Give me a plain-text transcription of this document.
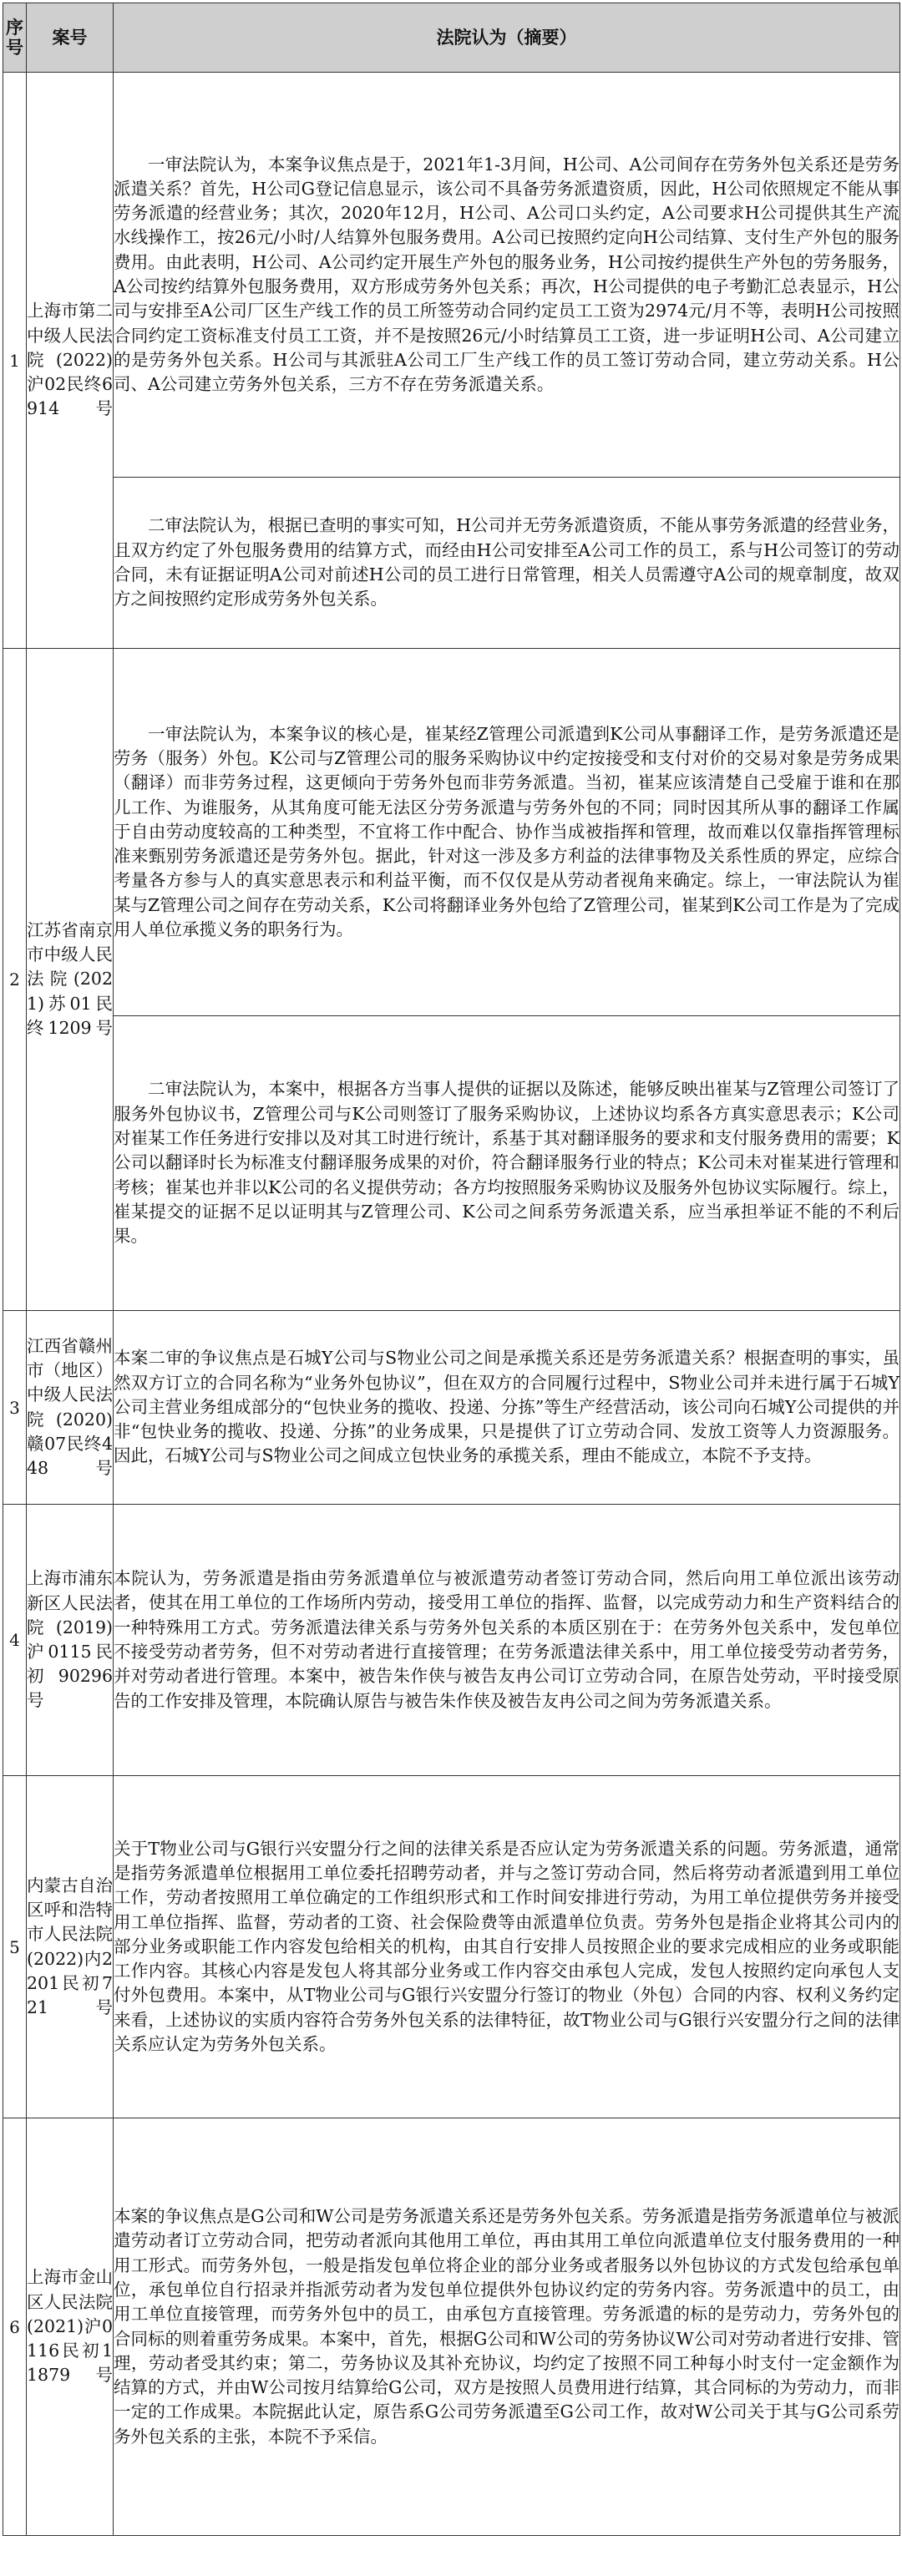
序号	案号	法院认为（摘要）
1	上海市第二中级人民法院(2022)沪02民终6914号	一审法院认为，本案争议焦点是于，2021年1-3月间，H公司、A公司间存在劳务外包关系还是劳务派遣关系？首先，H公司G登记信息显示，该公司不具备劳务派遣资质，因此，H公司依照规定不能从事劳务派遣的经营业务；其次，2020年12月，H公司、A公司口头约定，A公司要求H公司提供其生产流水线操作工，按26元/小时/人结算外包服务费用。A公司已按照约定向H公司结算、支付生产外包的服务费用。由此表明，H公司、A公司约定开展生产外包的服务业务，H公司按约提供生产外包的劳务服务，A公司按约结算外包服务费用，双方形成劳务外包关系；再次，H公司提供的电子考勤汇总表显示，H公司与安排至A公司厂区生产线工作的员工所签劳动合同约定员工工资为2974元/月不等，表明H公司按照合同约定工资标准支付员工工资，并不是按照26元/小时结算员工工资，进一步证明H公司、A公司建立的是劳务外包关系。H公司与其派驻A公司工厂生产线工作的员工签订劳动合同，建立劳动关系。H公司、A公司建立劳务外包关系，三方不存在劳务派遣关系。

		二审法院认为，根据已查明的事实可知，H公司并无劳务派遣资质，不能从事劳务派遣的经营业务，且双方约定了外包服务费用的结算方式，而经由H公司安排至A公司工作的员工，系与H公司签订的劳动合同，未有证据证明A公司对前述H公司的员工进行日常管理，相关人员需遵守A公司的规章制度，故双方之间按照约定形成劳务外包关系。

2	江苏省南京市中级人民法院(2021)苏01民终1209号	一审法院认为，本案争议的核心是，崔某经Z管理公司派遣到K公司从事翻译工作，是劳务派遣还是劳务（服务）外包。K公司与Z管理公司的服务采购协议中约定按接受和支付对价的交易对象是劳务成果（翻译）而非劳务过程，这更倾向于劳务外包而非劳务派遣。当初，崔某应该清楚自己受雇于谁和在那儿工作、为谁服务，从其角度可能无法区分劳务派遣与劳务外包的不同；同时因其所从事的翻译工作属于自由劳动度较高的工种类型，不宜将工作中配合、协作当成被指挥和管理，故而难以仅靠指挥管理标准来甄别劳务派遣还是劳务外包。据此，针对这一涉及多方利益的法律事物及关系性质的界定，应综合考量各方参与人的真实意思表示和利益平衡，而不仅仅是从劳动者视角来确定。综上，一审法院认为崔某与Z管理公司之间存在劳动关系，K公司将翻译业务外包给了Z管理公司，崔某到K公司工作是为了完成用人单位承揽义务的职务行为。

		二审法院认为，本案中，根据各方当事人提供的证据以及陈述，能够反映出崔某与Z管理公司签订了服务外包协议书，Z管理公司与K公司则签订了服务采购协议，上述协议均系各方真实意思表示；K公司对崔某工作任务进行安排以及对其工时进行统计，系基于其对翻译服务的要求和支付服务费用的需要；K公司以翻译时长为标准支付翻译服务成果的对价，符合翻译服务行业的特点；K公司未对崔某进行管理和考核；崔某也并非以K公司的名义提供劳动；各方均按照服务采购协议及服务外包协议实际履行。综上，崔某提交的证据不足以证明其与Z管理公司、K公司之间系劳务派遣关系，应当承担举证不能的不利后果。

3	江西省赣州市（地区）中级人民法院(2020)赣07民终448号	本案二审的争议焦点是石城Y公司与S物业公司之间是承揽关系还是劳务派遣关系？根据查明的事实，虽然双方订立的合同名称为“业务外包协议”，但在双方的合同履行过程中，S物业公司并未进行属于石城Y公司主营业务组成部分的“包快业务的揽收、投递、分拣”等生产经营活动，该公司向石城Y公司提供的并非“包快业务的揽收、投递、分拣”的业务成果，只是提供了订立劳动合同、发放工资等人力资源服务。因此，石城Y公司与S物业公司之间成立包快业务的承揽关系，理由不能成立，本院不予支持。

4	上海市浦东新区人民法院(2019)沪0115民初90296号	本院认为，劳务派遣是指由劳务派遣单位与被派遣劳动者签订劳动合同，然后向用工单位派出该劳动者，使其在用工单位的工作场所内劳动，接受用工单位的指挥、监督，以完成劳动力和生产资料结合的一种特殊用工方式。劳务派遣法律关系与劳务外包关系的本质区别在于：在劳务外包关系中，发包单位不接受劳动者劳务，但不对劳动者进行直接管理；在劳务派遣法律关系中，用工单位接受劳动者劳务，并对劳动者进行管理。本案中，被告朱作侠与被告友冉公司订立劳动合同，在原告处劳动，平时接受原告的工作安排及管理，本院确认原告与被告朱作侠及被告友冉公司之间为劳务派遣关系。

5	内蒙古自治区呼和浩特市人民法院(2022)内2201民初721号	关于T物业公司与G银行兴安盟分行之间的法律关系是否应认定为劳务派遣关系的问题。劳务派遣，通常是指劳务派遣单位根据用工单位委托招聘劳动者，并与之签订劳动合同，然后将劳动者派遣到用工单位工作，劳动者按照用工单位确定的工作组织形式和工作时间安排进行劳动，为用工单位提供劳务并接受用工单位指挥、监督，劳动者的工资、社会保险费等由派遣单位负责。劳务外包是指企业将其公司内的部分业务或职能工作内容发包给相关的机构，由其自行安排人员按照企业的要求完成相应的业务或职能工作内容。其核心内容是发包人将其部分业务或工作内容交由承包人完成，发包人按照约定向承包人支付外包费用。本案中，从T物业公司与G银行兴安盟分行签订的物业（外包）合同的内容、权利义务约定来看，上述协议的实质内容符合劳务外包关系的法律特征，故T物业公司与G银行兴安盟分行之间的法律关系应认定为劳务外包关系。

6	上海市金山区人民法院(2021)沪0116民初11879号	本案的争议焦点是G公司和W公司是劳务派遣关系还是劳务外包关系。劳务派遣是指劳务派遣单位与被派遣劳动者订立劳动合同，把劳动者派向其他用工单位，再由其用工单位向派遣单位支付服务费用的一种用工形式。而劳务外包，一般是指发包单位将企业的部分业务或者服务以外包协议的方式发包给承包单位，承包单位自行招录并指派劳动者为发包单位提供外包协议约定的劳务内容。劳务派遣中的员工，由用工单位直接管理，而劳务外包中的员工，由承包方直接管理。劳务派遣的标的是劳动力，劳务外包的合同标的则着重劳务成果。本案中，首先，根据G公司和W公司的劳务协议W公司对劳动者进行安排、管理，劳动者受其约束；第二，劳务协议及其补充协议，均约定了按照不同工种每小时支付一定金额作为结算的方式，并由W公司按月结算给G公司，双方是按照人员费用进行结算，其合同标的为劳动力，而非一定的工作成果。本院据此认定，原告系G公司劳务派遣至G公司工作，故对W公司关于其与G公司系劳务外包关系的主张，本院不予采信。
